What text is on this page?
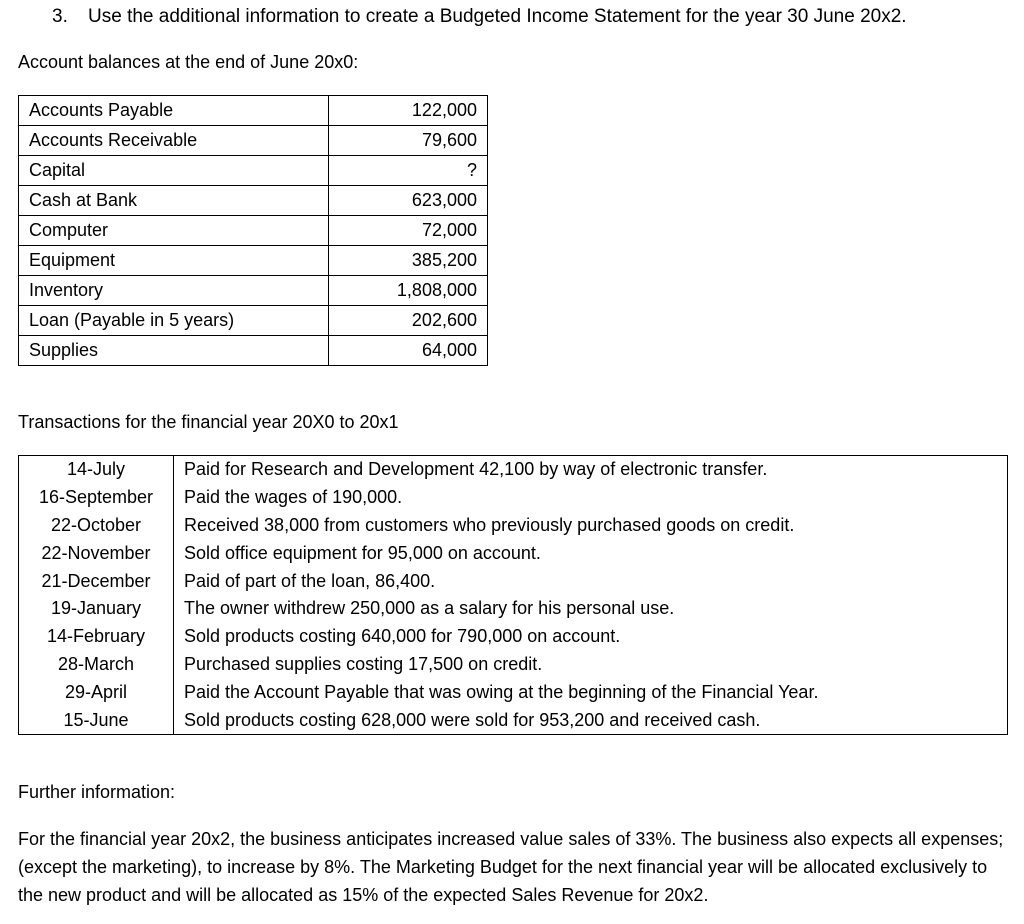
3. Use the additional information to create a Budgeted Income Statement for the year 30 June 20x2.
Account balances at the end of June 20x0:
Accounts Payable	122,000
Accounts Receivable	79,600
Capital	?
Cash at Bank	623,000
Computer	72,000
Equipment	385,200
Inventory	1,808,000
Loan (Payable in 5 years)	202,600
Supplies	64,000
Transactions for the financial year 20X0 to 20x1
14-July	Paid for Research and Development 42,100 by way of electronic transfer.
16-September	Paid the wages of 190,000.
22-October	Received 38,000 from customers who previously purchased goods on credit.
22-November	Sold office equipment for 95,000 on account.
21-December	Paid of part of the loan, 86,400.
19-January	The owner withdrew 250,000 as a salary for his personal use.
14-February	Sold products costing 640,000 for 790,000 on account.
28-March	Purchased supplies costing 17,500 on credit.
29-April	Paid the Account Payable that was owing at the beginning of the Financial Year.
15-June	Sold products costing 628,000 were sold for 953,200 and received cash.
Further information:
For the financial year 20x2, the business anticipates increased value sales of 33%. The business also expects all expenses; (except the marketing), to increase by 8%. The Marketing Budget for the next financial year will be allocated exclusively to the new product and will be allocated as 15% of the expected Sales Revenue for 20x2.
